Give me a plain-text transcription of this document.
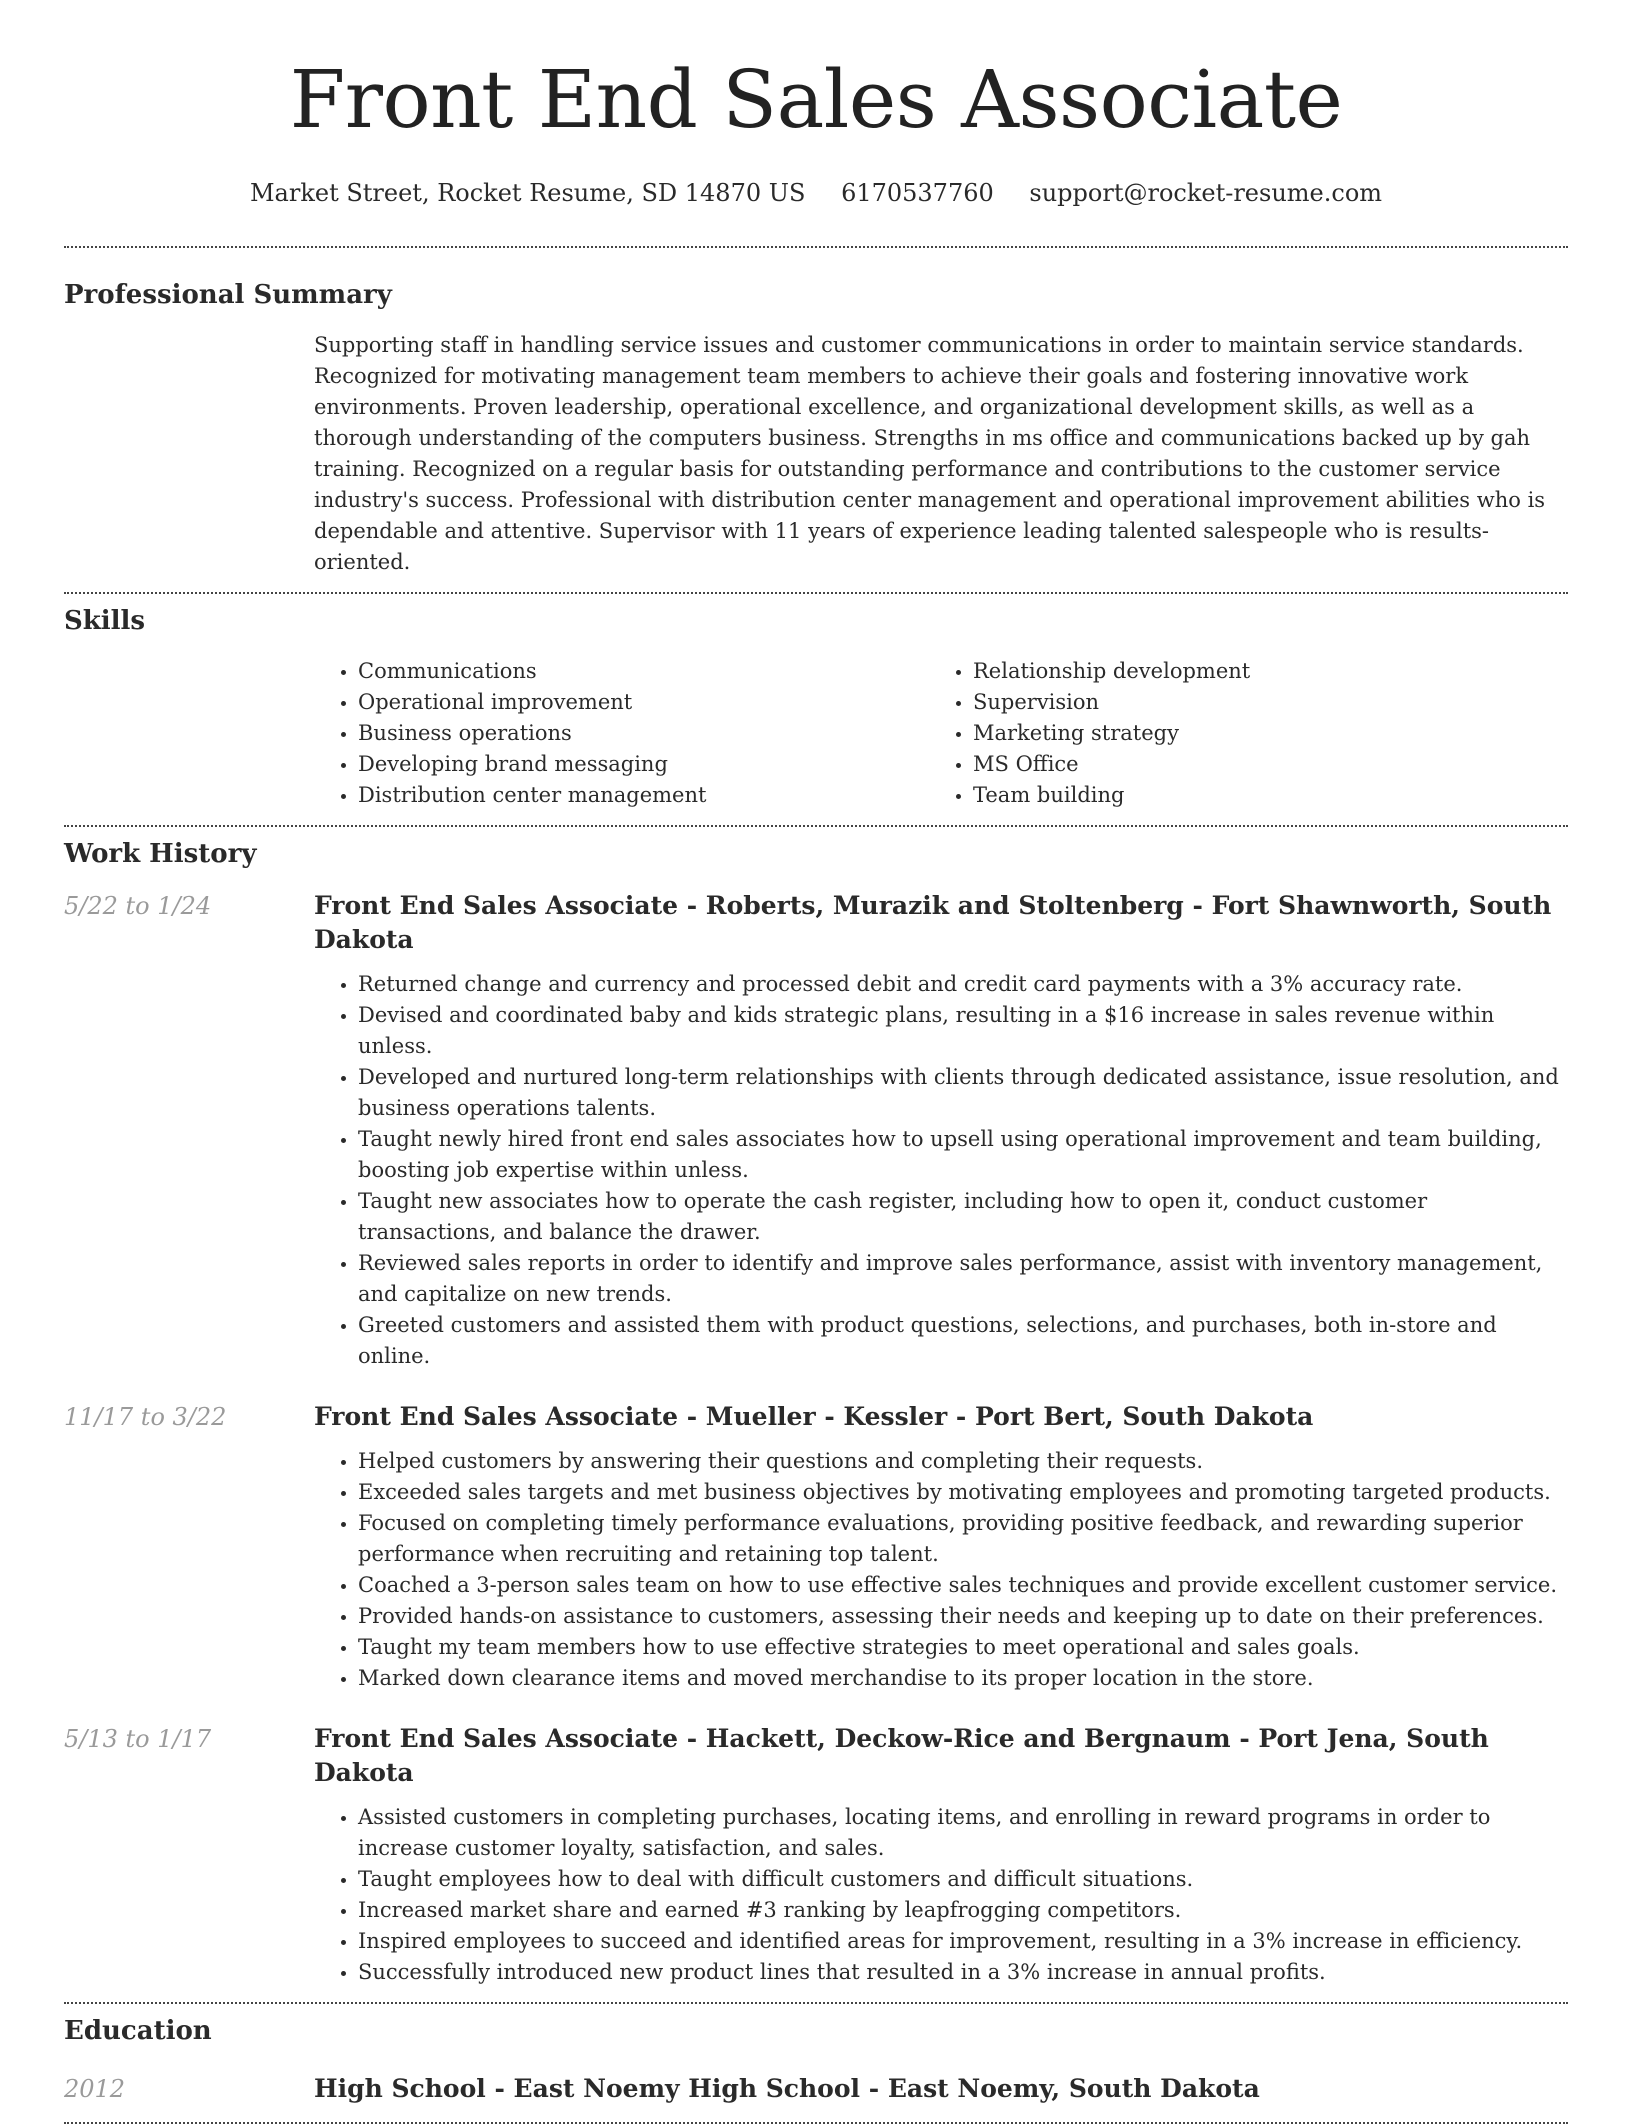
Front End Sales Associate
Market Street, Rocket Resume, SD 14870 US 6170537760 support@rocket-resume.com
Professional Summary

Supporting staff in handling service issues and customer communications in order to maintain service standards. Recognized for motivating management team members to achieve their goals and fostering innovative work environments. Proven leadership, operational excellence, and organizational development skills, as well as a thorough understanding of the computers business. Strengths in ms office and communications backed up by gah training. Recognized on a regular basis for outstanding performance and contributions to the customer service industry's success. Professional with distribution center management and operational improvement abilities who is dependable and attentive. Supervisor with 11 years of experience leading talented salespeople who is results-oriented.

Skills
• Communications
• Operational improvement
• Business operations
• Developing brand messaging
• Distribution center management
• Relationship development
• Supervision
• Marketing strategy
• MS Office
• Team building
Work History
5/22 to 1/24	Front End Sales Associate - Roberts, Murazik and Stoltenberg - Fort Shawnworth, South Dakota
• Returned change and currency and processed debit and credit card payments with a 3% accuracy rate.
• Devised and coordinated baby and kids strategic plans, resulting in a $16 increase in sales revenue within unless.
• Developed and nurtured long-term relationships with clients through dedicated assistance, issue resolution, and business operations talents.
• Taught newly hired front end sales associates how to upsell using operational improvement and team building, boosting job expertise within unless.
• Taught new associates how to operate the cash register, including how to open it, conduct customer transactions, and balance the drawer.
• Reviewed sales reports in order to identify and improve sales performance, assist with inventory management, and capitalize on new trends.
• Greeted customers and assisted them with product questions, selections, and purchases, both in-store and online.
11/17 to 3/22	Front End Sales Associate - Mueller - Kessler - Port Bert, South Dakota
• Helped customers by answering their questions and completing their requests.
• Exceeded sales targets and met business objectives by motivating employees and promoting targeted products.
• Focused on completing timely performance evaluations, providing positive feedback, and rewarding superior performance when recruiting and retaining top talent.
• Coached a 3-person sales team on how to use effective sales techniques and provide excellent customer service.
• Provided hands-on assistance to customers, assessing their needs and keeping up to date on their preferences.
• Taught my team members how to use effective strategies to meet operational and sales goals.
• Marked down clearance items and moved merchandise to its proper location in the store.
5/13 to 1/17	Front End Sales Associate - Hackett, Deckow-Rice and Bergnaum - Port Jena, South Dakota
• Assisted customers in completing purchases, locating items, and enrolling in reward programs in order to increase customer loyalty, satisfaction, and sales.
• Taught employees how to deal with difficult customers and difficult situations.
• Increased market share and earned #3 ranking by leapfrogging competitors.
• Inspired employees to succeed and identified areas for improvement, resulting in a 3% increase in efficiency.
• Successfully introduced new product lines that resulted in a 3% increase in annual profits.
Education
2012	High School - East Noemy High School - East Noemy, South Dakota
